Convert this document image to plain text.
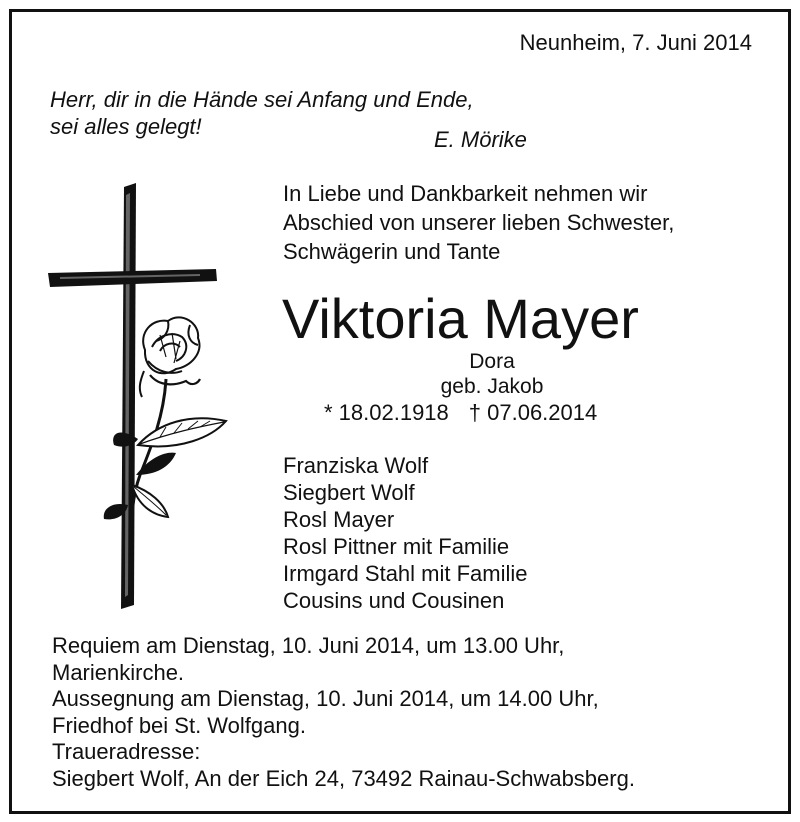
Neunheim, 7. Juni 2014
Herr, dir in die Hände sei Anfang und Ende,
sei alles gelegt!
E. Mörike
In Liebe und Dankbarkeit nehmen wir
Abschied von unserer lieben Schwester,
Schwägerin und Tante
Viktoria Mayer
Dora
geb. Jakob
* 18.02.1918 † 07.06.2014
Franziska Wolf
Siegbert Wolf
Rosl Mayer
Rosl Pittner mit Familie
Irmgard Stahl mit Familie
Cousins und Cousinen
Requiem am Dienstag, 10. Juni 2014, um 13.00 Uhr,
Marienkirche.
Aussegnung am Dienstag, 10. Juni 2014, um 14.00 Uhr,
Friedhof bei St. Wolfgang.
Traueradresse:
Siegbert Wolf, An der Eich 24, 73492 Rainau-Schwabsberg.
